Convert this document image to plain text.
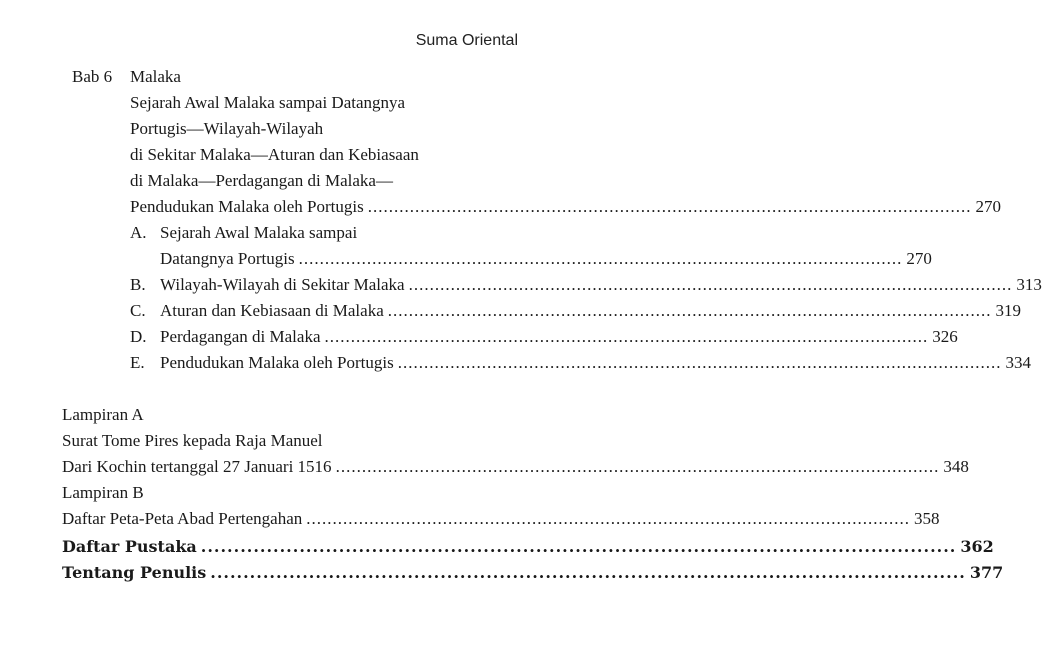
Suma Oriental
Bab 6 Malaka
Sejarah Awal Malaka sampai Datangnya
Portugis—Wilayah-Wilayah
di Sekitar Malaka—Aturan dan Kebiasaan
di Malaka—Perdagangan di Malaka—
Pendudukan Malaka oleh Portugis ................................................................................................................... 270
A. Sejarah Awal Malaka sampai
Datangnya Portugis ................................................................................................................... 270
B. Wilayah-Wilayah di Sekitar Malaka ................................................................................................................... 313
C. Aturan dan Kebiasaan di Malaka ................................................................................................................... 319
D. Perdagangan di Malaka ................................................................................................................... 326
E. Pendudukan Malaka oleh Portugis ................................................................................................................... 334
Lampiran A
Surat Tome Pires kepada Raja Manuel
Dari Kochin tertanggal 27 Januari 1516 ................................................................................................................... 348
Lampiran B
Daftar Peta-Peta Abad Pertengahan ................................................................................................................... 358
Daftar Pustaka ................................................................................................................... 362
Tentang Penulis ................................................................................................................... 377
